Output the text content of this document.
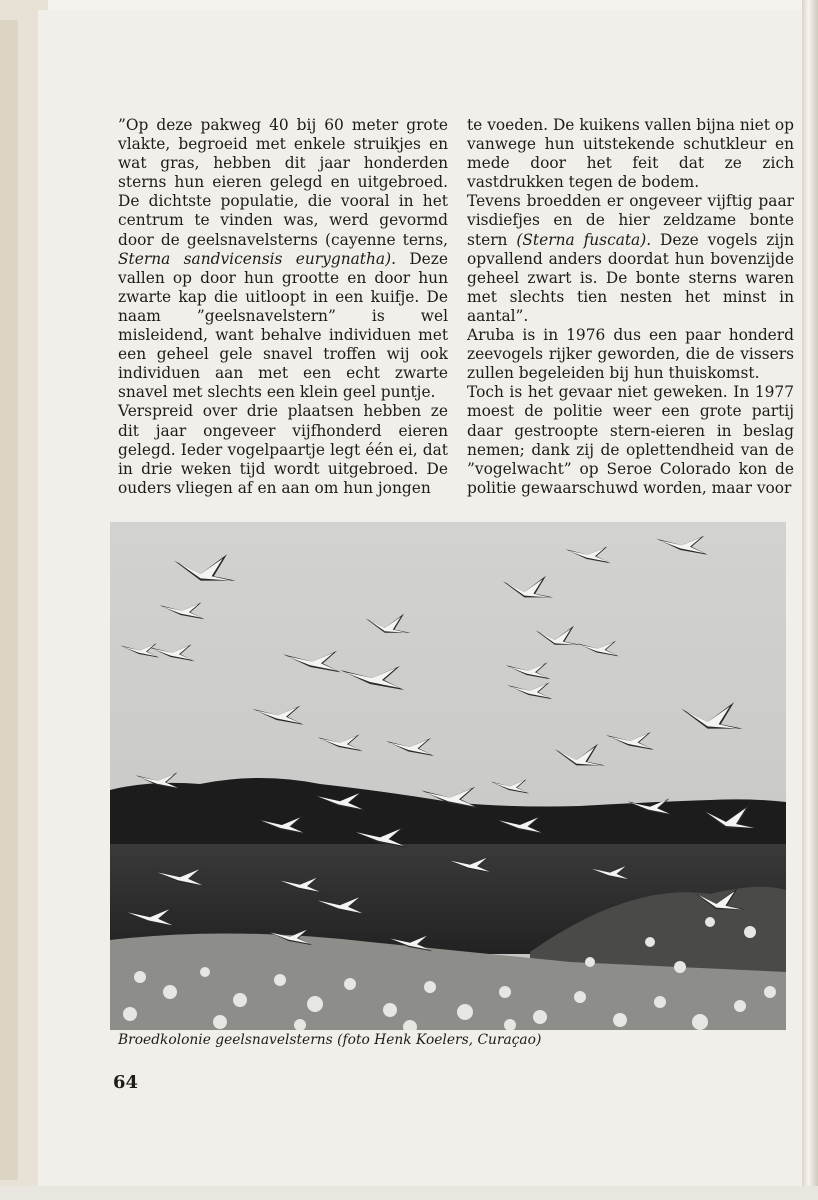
”Op deze pakweg 40 bij 60 meter grote vlakte, begroeid met enkele struikjes en wat gras, hebben dit jaar honderden sterns hun eieren gelegd en uitgebroed. De dichtste populatie, die vooral in het centrum te vinden was, werd gevormd door de geelsnavelsterns (cayenne terns, Sterna sandvicensis eurygnatha). Deze vallen op door hun grootte en door hun zwarte kap die uitloopt in een kuifje. De naam ”geelsnavelstern” is wel misleidend, want behalve individuen met een geheel gele snavel troffen wij ook individuen aan met een echt zwarte snavel met slechts een klein geel puntje.

Verspreid over drie plaatsen hebben ze dit jaar ongeveer vijfhonderd eieren gelegd. Ieder vogelpaartje legt één ei, dat in drie weken tijd wordt uitgebroed. De ouders vliegen af en aan om hun jongen

te voeden. De kuikens vallen bijna niet op vanwege hun uitstekende schutkleur en mede door het feit dat ze zich vastdrukken tegen de bodem.

Tevens broedden er ongeveer vijftig paar visdiefjes en de hier zeldzame bonte stern (Sterna fuscata). Deze vogels zijn opvallend anders doordat hun bovenzijde geheel zwart is. De bonte sterns waren met slechts tien nesten het minst in aantal”.

Aruba is in 1976 dus een paar honderd zeevogels rijker geworden, die de vissers zullen begeleiden bij hun thuiskomst.

Toch is het gevaar niet geweken. In 1977 moest de politie weer een grote partij daar gestroopte stern-eieren in beslag nemen; dank zij de oplettendheid van de ”vogelwacht” op Seroe Colorado kon de politie gewaarschuwd worden, maar voor

Broedkolonie geelsnavelsterns (foto Henk Koelers, Curaçao)
64
